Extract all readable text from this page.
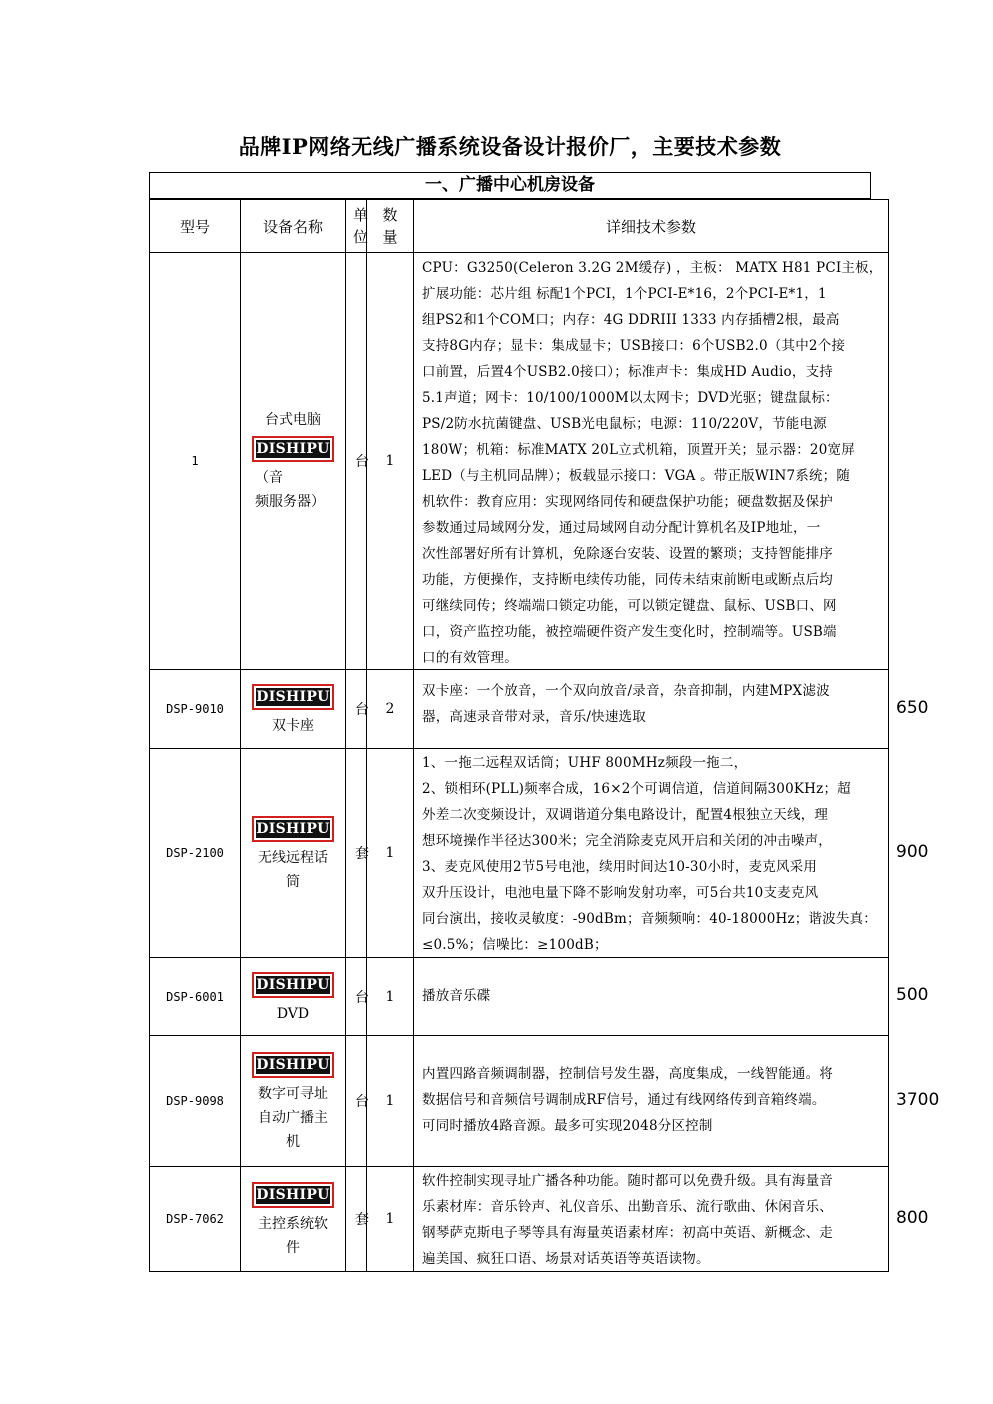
品牌IP网络无线广播系统设备设计报价厂，主要技术参数
一、广播中心机房设备
型号	设备名称
单
位
数
量
详细技术参数
1
台式电脑
DISHIPU
（音
频服务器）
台 1
CPU：G3250(Celeron 3.2G 2M缓存) ，主板： MATX H81 PCI主板，
扩展功能：芯片组 标配1个PCI，1个PCI-E*16，2个PCI-E*1，1
组PS2和1个COM口；内存：4G DDRIII 1333 内存插槽2根，最高
支持8G内存；显卡：集成显卡；USB接口：6个USB2.0（其中2个接
口前置，后置4个USB2.0接口）；标准声卡：集成HD Audio，支持
5.1声道；网卡：10/100/1000M以太网卡；DVD光驱；键盘鼠标：
PS/2防水抗菌键盘、USB光电鼠标；电源：110/220V，节能电源
180W；机箱：标准MATX 20L立式机箱，顶置开关；显示器：20宽屏
LED（与主机同品牌）；板载显示接口：VGA 。带正版WIN7系统；随
机软件：教育应用：实现网络同传和硬盘保护功能；硬盘数据及保护
参数通过局域网分发，通过局域网自动分配计算机名及IP地址，一
次性部署好所有计算机，免除逐台安装、设置的繁琐；支持智能排序
功能，方便操作，支持断电续传功能，同传未结束前断电或断点后均
可继续同传；终端端口锁定功能，可以锁定键盘、鼠标、USB口、网
口，资产监控功能，被控端硬件资产发生变化时，控制端等。USB端
口的有效管理。
DSP-9010
DISHIPU
双卡座
台 2
双卡座：一个放音，一个双向放音/录音，杂音抑制，内建MPX滤波
器，高速录音带对录，音乐/快速选取
DSP-2100
DISHIPU
无线远程话
筒
套 1
1、一拖二远程双话筒；UHF 800MHz频段一拖二，
2、锁相环(PLL)频率合成，16×2个可调信道，信道间隔300KHz；超
外差二次变频设计，双调谐道分集电路设计，配置4根独立天线，理
想环境操作半径达300米；完全消除麦克风开启和关闭的冲击噪声，
3、麦克风使用2节5号电池，续用时间达10-30小时，麦克风采用
双升压设计，电池电量下降不影响发射功率，可5台共10支麦克风
同台演出，接收灵敏度：-90dBm；音频频响：40-18000Hz；谐波失真：
≤0.5%；信噪比：≥100dB；
DSP-6001
DISHIPU
DVD
台 1 播放音乐碟
DSP-9098
DISHIPU
数字可寻址
自动广播主
机
台 1
内置四路音频调制器，控制信号发生器，高度集成，一线智能通。将
数据信号和音频信号调制成RF信号，通过有线网络传到音箱终端。
可同时播放4路音源。最多可实现2048分区控制
DSP-7062
DISHIPU
主控系统软
件
套 1
软件控制实现寻址广播各种功能。随时都可以免费升级。具有海量音
乐素材库：音乐铃声、礼仪音乐、出勤音乐、流行歌曲、休闲音乐、
钢琴萨克斯电子琴等具有海量英语素材库：初高中英语、新概念、走
遍美国、疯狂口语、场景对话英语等英语读物。
650
900
500
3700
800
